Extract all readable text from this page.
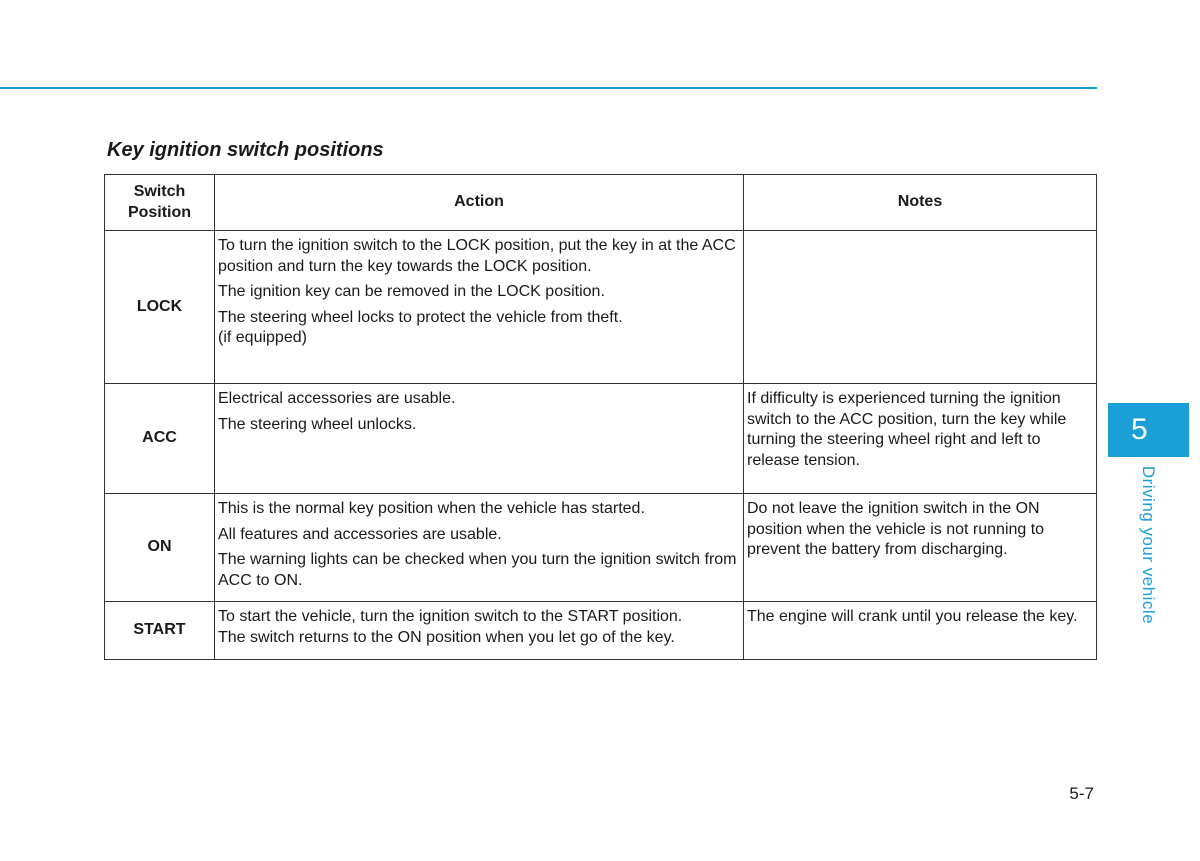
Key ignition switch positions
Switch
Position	Action	Notes
LOCK	To turn the ignition switch to the LOCK position, put the key in at the ACC position and turn the key towards the LOCK position.

The ignition key can be removed in the LOCK position.

The steering wheel locks to protect the vehicle from theft.
(if equipped)	

ACC	Electrical accessories are usable.

The steering wheel unlocks.	If difficulty is experienced turning the ignition switch to the ACC position, turn the key while turning the steering wheel right and left to release tension.

ON	This is the normal key position when the vehicle has started.

All features and accessories are usable.

The warning lights can be checked when you turn the ignition switch from ACC to ON.	Do not leave the ignition switch in the ON position when the vehicle is not running to prevent the battery from discharging.

START	To start the vehicle, turn the ignition switch to the START position.
The switch returns to the ON position when you let go of the key.	The engine will crank until you release the key.
5
Driving your vehicle
5-7
